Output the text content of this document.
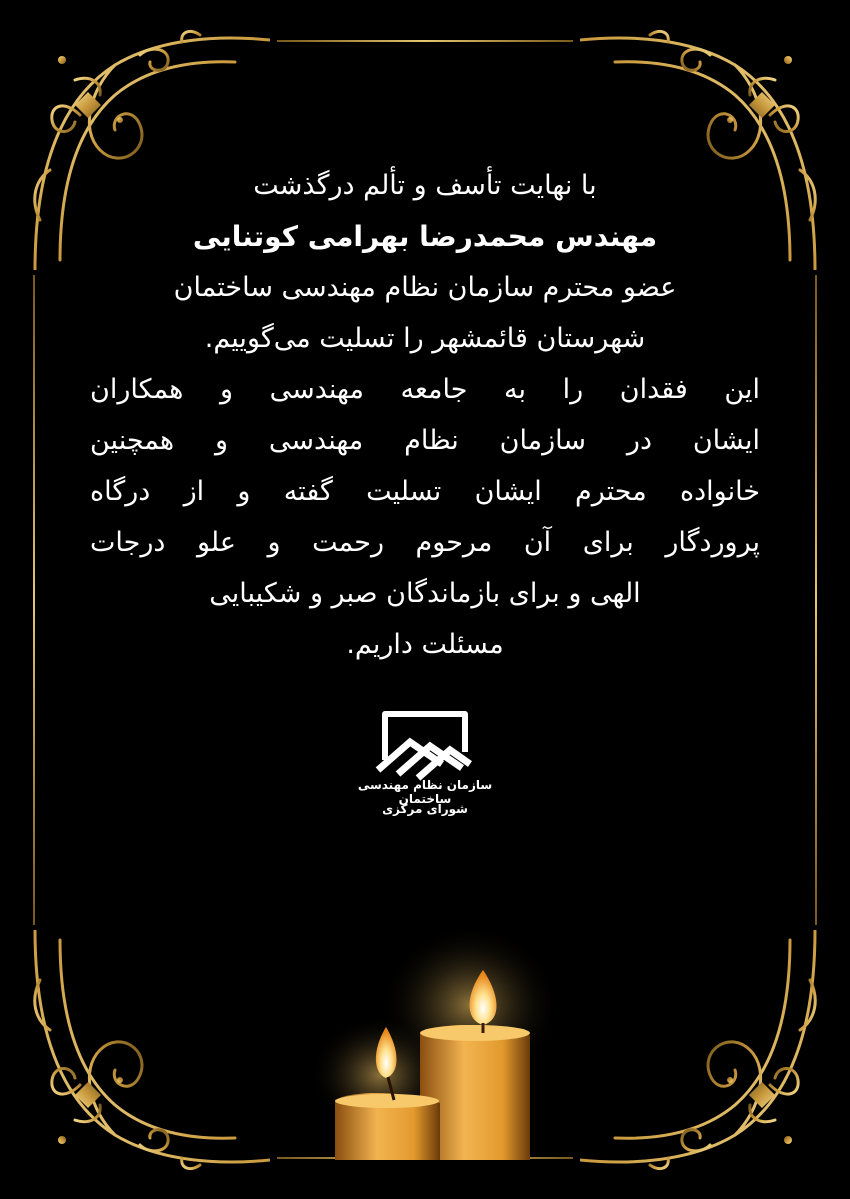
با نهایت تأسف و تألم درگذشت

مهندس محمدرضا بهرامی کوتنایی

عضو محترم سازمان نظام مهندسی ساختمان

شهرستان قائمشهر را تسلیت می‌گوییم.

این فقدان را به جامعه مهندسی و همکاران

ایشان در سازمان نظام مهندسی و همچنین

خانواده محترم ایشان تسلیت گفته و از درگاه

پروردگار برای آن مرحوم رحمت و علو درجات

الهی و برای بازماندگان صبر و شکیبایی

مسئلت داریم.

سازمان نظام مهندسی ساختمان
شورای مرکزی
